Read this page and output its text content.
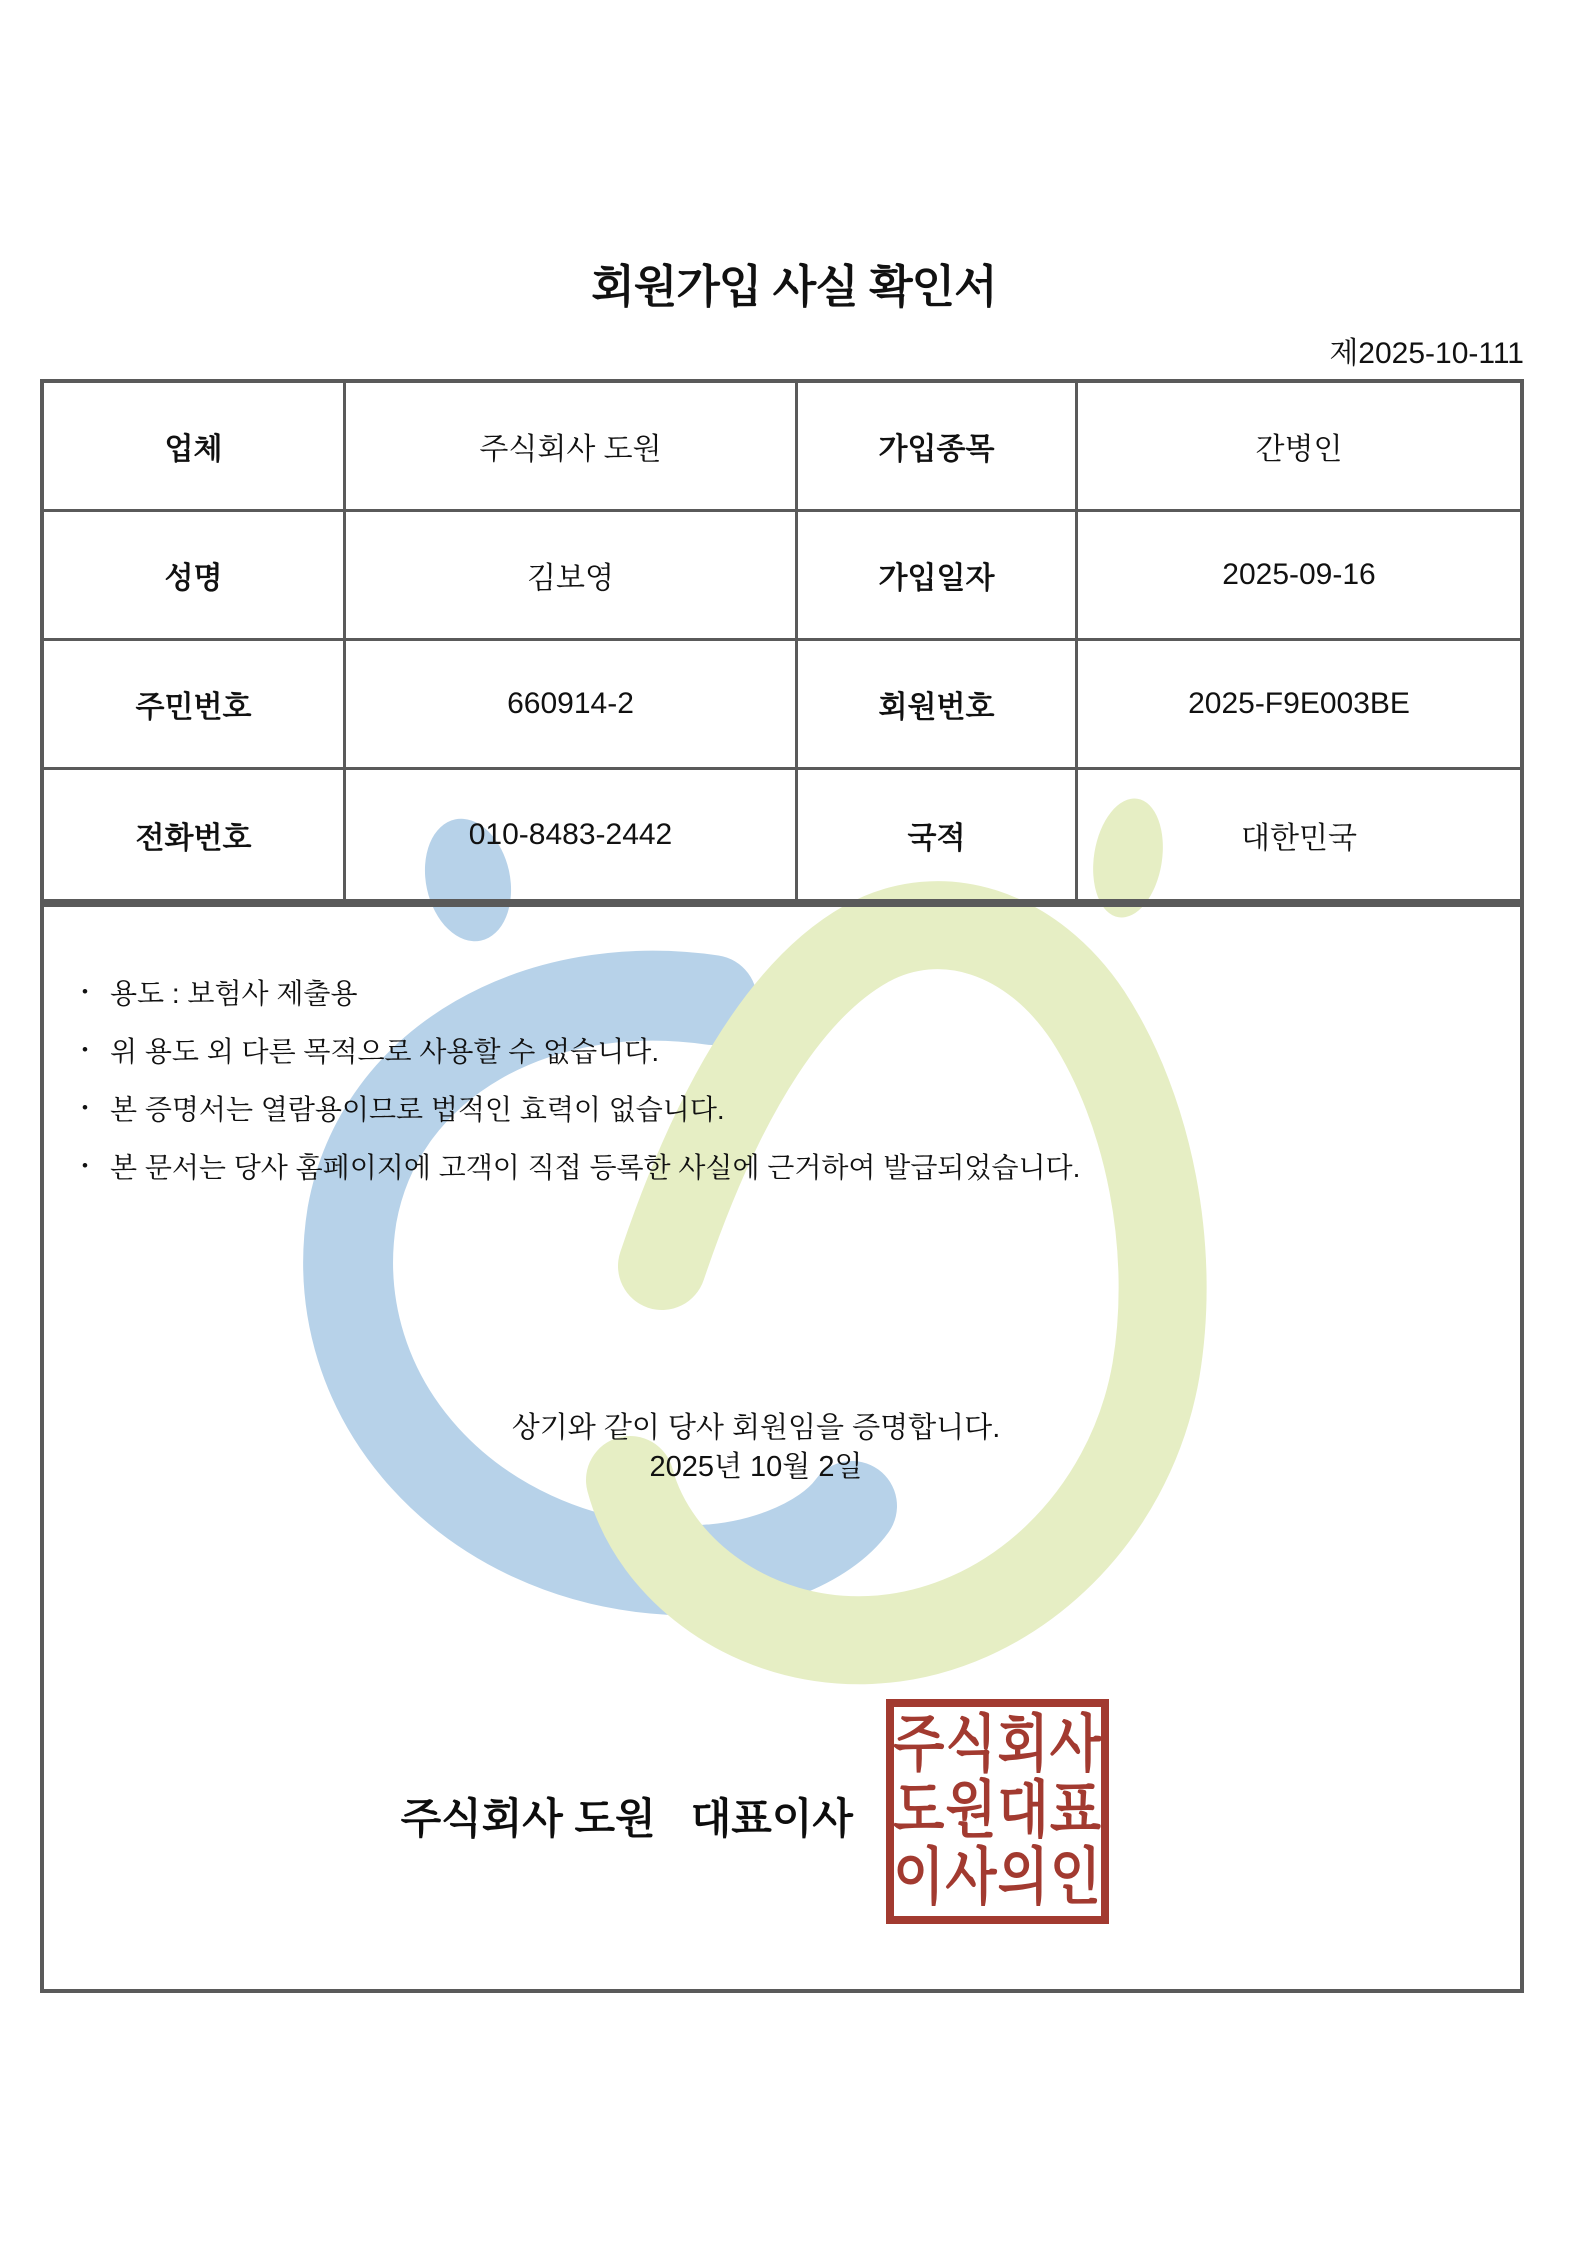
회원가입 사실 확인서
제2025-10-111
업체	주식회사 도원	가입종목	간병인
성명	김보영	가입일자	2025-09-16
주민번호	660914-2	회원번호	2025-F9E003BE
전화번호	010-8483-2442	국적	대한민국
• 용도 : 보험사 제출용
• 위 용도 외 다른 목적으로 사용할 수 없습니다.
• 본 증명서는 열람용이므로 법적인 효력이 없습니다.
• 본 문서는 당사 홈페이지에 고객이 직접 등록한 사실에 근거하여 발급되었습니다.
상기와 같이 당사 회원임을 증명합니다.
2025년 10월 2일
주식회사 도원   대표이사
주식회사
도원대표
이사의인
